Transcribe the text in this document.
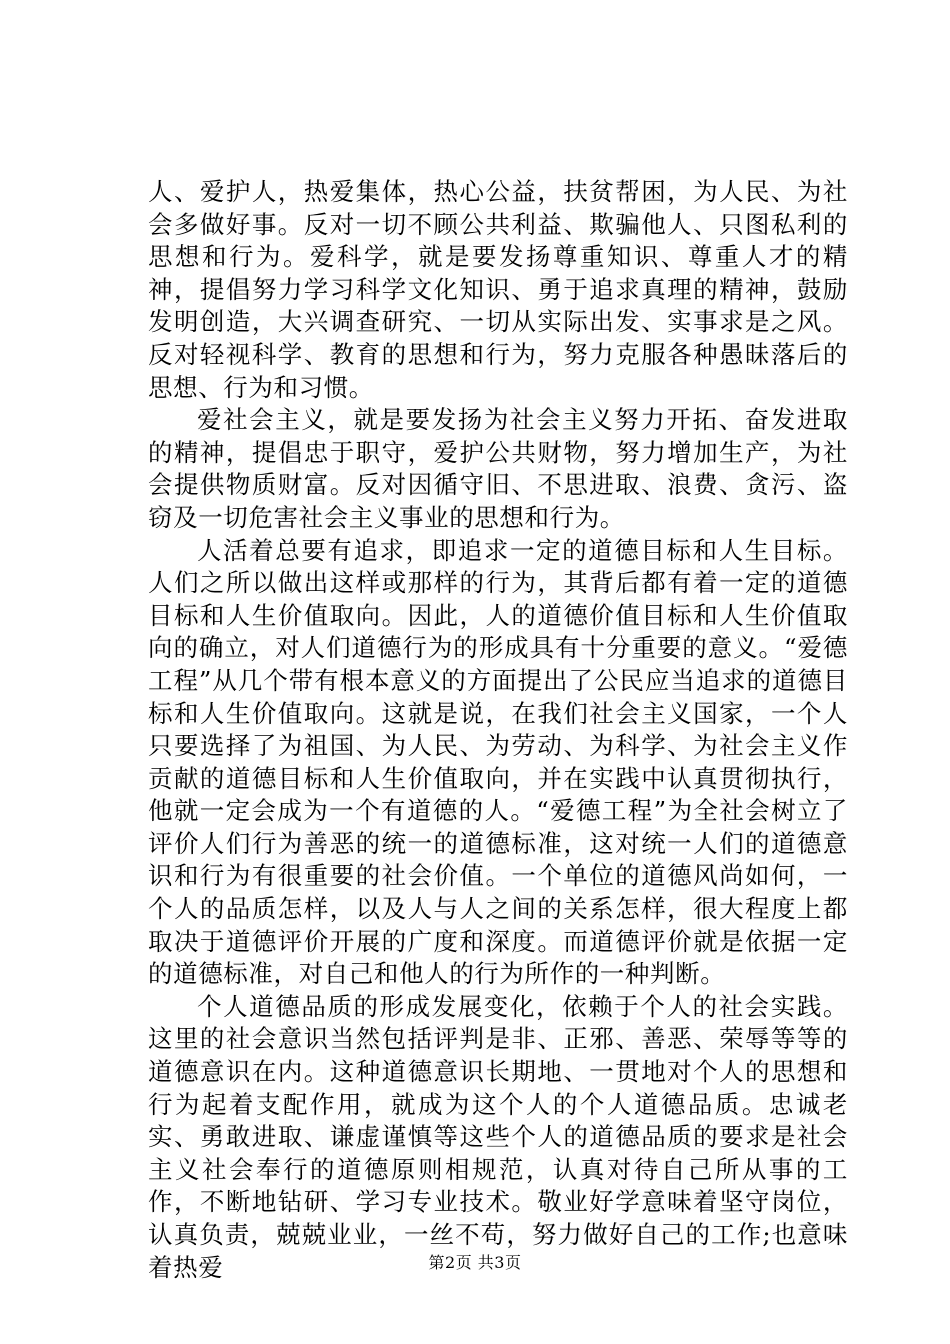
人、爱护人，热爱集体，热心公益，扶贫帮困，为人民、为社会多做好事。反对一切不顾公共利益、欺骗他人、只图私利的思想和行为。爱科学，就是要发扬尊重知识、尊重人才的精神，提倡努力学习科学文化知识、勇于追求真理的精神，鼓励发明创造，大兴调查研究、一切从实际出发、实事求是之风。反对轻视科学、教育的思想和行为，努力克服各种愚昧落后的思想、行为和习惯。

爱社会主义，就是要发扬为社会主义努力开拓、奋发进取的精神，提倡忠于职守，爱护公共财物，努力增加生产，为社会提供物质财富。反对因循守旧、不思进取、浪费、贪污、盗窃及一切危害社会主义事业的思想和行为。

人活着总要有追求，即追求一定的道德目标和人生目标。人们之所以做出这样或那样的行为，其背后都有着一定的道德目标和人生价值取向。因此，人的道德价值目标和人生价值取向的确立，对人们道德行为的形成具有十分重要的意义。“爱德工程”从几个带有根本意义的方面提出了公民应当追求的道德目标和人生价值取向。这就是说，在我们社会主义国家，一个人只要选择了为祖国、为人民、为劳动、为科学、为社会主义作贡献的道德目标和人生价值取向，并在实践中认真贯彻执行，他就一定会成为一个有道德的人。“爱德工程”为全社会树立了评价人们行为善恶的统一的道德标准，这对统一人们的道德意识和行为有很重要的社会价值。一个单位的道德风尚如何，一个人的品质怎样，以及人与人之间的关系怎样，很大程度上都取决于道德评价开展的广度和深度。而道德评价就是依据一定的道德标准，对自己和他人的行为所作的一种判断。

个人道德品质的形成发展变化，依赖于个人的社会实践。这里的社会意识当然包括评判是非、正邪、善恶、荣辱等等的道德意识在内。这种道德意识长期地、一贯地对个人的思想和行为起着支配作用，就成为这个人的个人道德品质。忠诚老实、勇敢进取、谦虚谨慎等这些个人的道德品质的要求是社会主义社会奉行的道德原则相规范，认真对待自己所从事的工作，不断地钻研、学习专业技术。敬业好学意味着坚守岗位，认真负责，兢兢业业，一丝不苟，努力做好自己的工作;也意味着热爱	第2页 共3页
